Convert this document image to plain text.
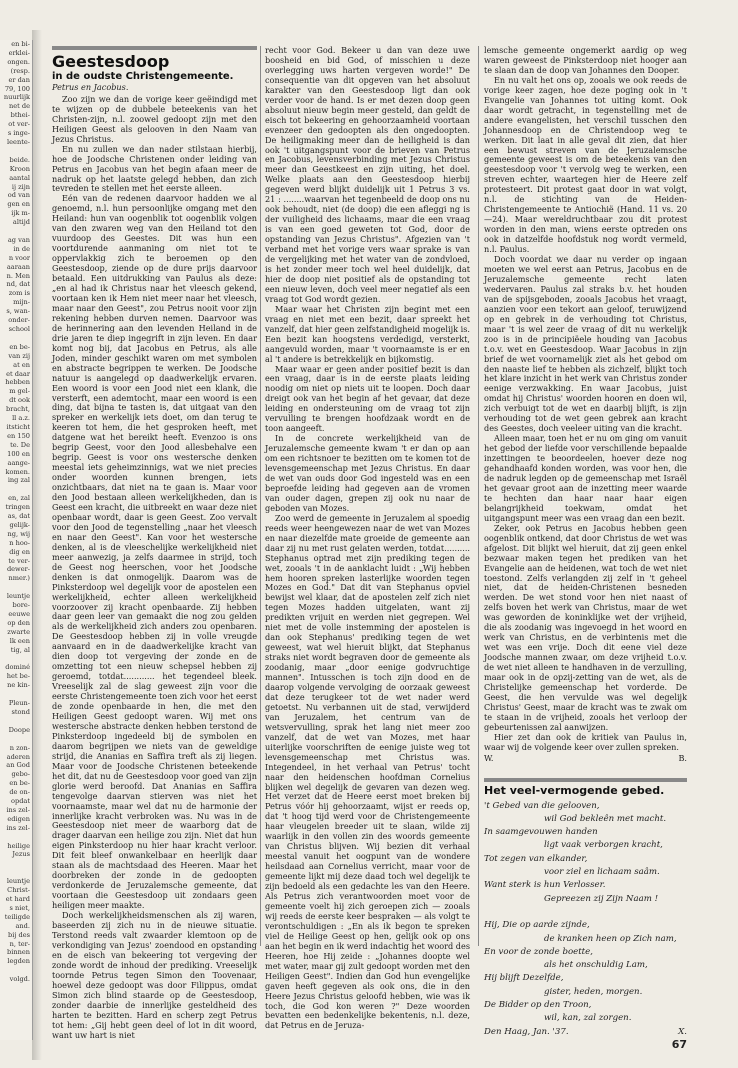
en bi-
erklei-
ongen.
(resp.
er dan
79, 100
nuurlijk
net de
bthei-
ot ver-
s inge-
leente-

beide.
Kroon
aantal
ij zijn
od van
gen en
ijk m-
altijd

ag van
in de
n voor
aaraan
n. Men
nd, dat
zom is
mijn-
s, wan-
onder-
school

en be-
van zij
at en
et daar
hebben
m gel-
dt ook
bracht,
ll a.z.
itsticht
en 150
te. De
100 en
aange-
komen.
ing zal

en, zal
tringen
as, dat
gelijk-
ng, wij
n hoo-
dig en
te ver-
dewer-
nmer.)

leuntje
bore-
eeuwe
op den
zwarte
lk een
tig, al

dominé
het be-
ne kin-

Pleun-
stond

Doope

n zon-
aderen
an God
gebo-
en be-
de on-
opdat
ins zel-
edigen
ins zel-

heilige
Jezus

leuntje
Christ-
et hard
s niet,
teiligde
and.
bij des
n, ter-
binnen
legden

volgd.
Geestesdoop
in de oudste Christengemeente.
Petrus en Jacobus.

Zoo zijn we dan de vorige keer geëindigd met te wijzen op de dubbele beteekenis van het Christen-zijn, n.l. zoowel gedoopt zijn met den Heiligen Geest als gelooven in den Naam van Jezus Christus.

En nu zullen we dan nader stilstaan hierbij, hoe de Joodsche Christenen onder leiding van Petrus en Jacobus van het begin afaan meer de nadruk op het laatste gelegd hebben, dan zich tevreden te stellen met het eerste alleen.

Eén van de redenen daarvoor hadden we al genoemd, n.l. hun persoonlijke omgang met den Heiland: hun van oogenblik tot oogenblik volgen van den zwaren weg van den Heiland tot den vuurdoop des Geestes. Dit was hun een voortdurende aanmaning om niet tot te oppervlakkig zich te beroemen op den Geestesdoop, ziende op de dure prijs daarvoor betaald. Een uitdrukking van Paulus als deze: „en al had ik Christus naar het vleesch gekend, voortaan ken ik Hem niet meer naar het vleesch, maar naar den Geest", zou Petrus nooit voor zijn rekening hebben durven nemen. Daarvoor was de herinnering aan den levenden Heiland in de drie jaren te diep ingegrift in zijn leven. En daar komt nog bij, dat Jacobus en Petrus, als alle Joden, minder geschikt waren om met symbolen en abstracte begrippen te werken. De Joodsche natuur is aangelegd op daadwerkelijk ervaren. Een woord is voor een Jood niet een klank, die versterft, een ademtocht, maar een woord is een ding, dat bijna te tasten is, dat uitgaat van den spreker en werkelijk iets doet, om dan terug te keeren tot hem, die het gesproken heeft, met datgene wat het bereikt heeft. Evenzoo is ons begrip Geest, voor den Jood allesbehalve een begrip. Geest is voor ons westersche denken meestal iets geheimzinnigs, wat we niet precies onder woorden kunnen brengen, iets onzichtbaars, dat niet na te gaan is. Maar voor den Jood bestaan alleen werkelijkheden, dan is Geest een kracht, die uitbreekt en waar deze niet openbaar wordt, daar is geen Geest. Zoo vervalt voor den Jood de tegenstelling „naar het vleesch en naar den Geest". Kan voor het westersche denken, al is de vleeschelijke werkelijkheid niet meer aanwezig, ja zelfs daarmee in strijd, toch de Geest nog heerschen, voor het Joodsche denken is dat onmogelijk. Daarom was de Pinksterdoop wel degelijk voor de apostelen een werkelijkheid, echter alleen werkelijkheid voorzoover zij kracht openbaarde. Zij hebben daar geen leer van gemaakt die nog zou gelden als de werkelijkheid zich anders zou openbaren. De Geestesdoop hebben zij in volle vreugde aanvaard en in de daadwerkelijke kracht van dien doop tot vergeving der zonde en de omzetting tot een nieuw schepsel hebben zij geroemd, totdat............ het tegendeel bleek. Vreeselijk zal de slag geweest zijn voor die eerste Christengemeente toen zich voor het eerst de zonde openbaarde in hen, die met den Heiligen Geest gedoopt waren. Wij met ons westersche abstracte denken hebben terstond de Pinksterdoop ingedeeld bij de symbolen en daarom begrijpen we niets van de geweldige strijd, die Ananias en Saffira treft als zij liegen. Maar voor de Joodsche Christenen beteekende het dit, dat nu de Geestesdoop voor goed van zijn glorie werd beroofd. Dat Ananias en Saffira tengevolge daarvan stierven was niet het voornaamste, maar wel dat nu de harmonie der innerlijke kracht verbroken was. Nu was in de Geestesdoop niet meer de waarborg dat de drager daarvan een heilige zou zijn. Niet dat hun eigen Pinksterdoop nu hier haar kracht verloor. Dit feit bleef onwankelbaar en heerlijk daar staan als de machtsdaad des Heeren. Maar het doorbreken der zonde in de gedoopten verdonkerde de Jeruzalemsche gemeente, dat voortaan die Geestesdoop uit zondaars geen heiligen meer maakte.

Doch werkelijkheidsmenschen als zij waren, baseerden zij zich nu in de nieuwe situatie. Terstond reeds valt zwaarder klemtoon op de verkondiging van Jezus' zoendood en opstanding en de eisch van bekeering tot vergeving der zonde wordt de inhoud der prediking. Vreeselijk toornde Petrus tegen Simon den Toovenaar, hoewel deze gedoopt was door Filippus, omdat Simon zich blind staarde op de Geestesdoop, zonder daarbie de innerlijke gesteldheid des harten te bezitten. Hard en scherp zegt Petrus tot hem: „Gij hebt geen deel of lot in dit woord, want uw hart is niet

recht voor God. Bekeer u dan van deze uwe boosheid en bid God, of misschien u deze overlegging uws harten vergeven worde!" De consequentie van dit opgeven van het absoluut karakter van den Geestesdoop ligt dan ook verder voor de hand. Is er met dezen doop geen absoluut nieuw begin meer gesteld, dan geldt de eisch tot bekeering en gehoorzaamheid voortaan evenzeer den gedoopten als den ongedoopten. De heiligmaking meer dan de heiligheid is dan ook 't uitgangspunt voor de brieven van Petrus en Jacobus, levensverbinding met Jezus Christus meer dan Geestkeest en zijn uiting, het doel. Welke plaats aan den Geestesdoop hierbij gegeven werd blijkt duidelijk uit 1 Petrus 3 vs. 21 : ........waarvan het tegenbeeld de doop ons nu ook behoudt, niet (de doop) die een afleggi ng is der vuiligheid des lichaams, maar die een vraag is van een goed geweten tot God, door de opstanding van Jezus Christus". Afgezien van 't verband met het vorige vers waar sprake is van de vergelijking met het water van de zondvloed, is het zonder meer toch wel heel duidelijk, dat hier de doop niet positief als de opstanding tot een nieuw leven, doch veel meer negatief als een vraag tot God wordt gezien.

Maar waar het Christen zijn begint met een vraag en niet met een bezit, daar spreekt het vanzelf, dat hier geen zelfstandigheid mogelijk is. Een bezit kan hoogstens verdedigd, versterkt, aangevuld worden, maar 't voornaamste is er en al 't andere is betrekkelijk en bijkomstig.

Maar waar er geen ander positief bezit is dan een vraag, daar is in de eerste plaats leiding noodig om niet op niets uit te loopen. Doch daar dreigt ook van het begin af het gevaar, dat deze leiding en ondersteuning om de vraag tot zijn vervulling te brengen hoofdzaak wordt en de toon aangeeft.

In de concrete werkelijkheid van de Jeruzalemsche gemeente kwam 't er dan op aan om een richtsnoer te bezitten om te komen tot de levensgemeenschap met Jezus Christus. En daar de wet van ouds door God ingesteld was en een beproefde leiding had gegeven aan de vromen van ouder dagen, grepen zij ook nu naar de geboden van Mozes.

Zoo werd de gemeente in Jeruzalem al spoedig reeds weer heengewezen naar de wet van Mozes en naar diezelfde mate groeide de gemeente aan daar zij nu met rust gelaten werden, totdat.......... Stephanus optrad met zijn prediking tegen de wet, zooals 't in de aanklacht luidt : „Wij hebben hem hooren spreken lasterlijke woorden tegen Mozes en God." Dat dit van Stephanus opviel bewijst wel klaar, dat de apostelen zelf zich niet tegen Mozes hadden uitgelaten, want zij predikten vrijuit en werden niet gegrepen. Wel niet met de volle instemming der apostelen is dan ook Stephanus' prediking tegen de wet geweest, wat wel hieruit blijkt, dat Stephanus straks niet wordt begraven door de gemeente als zoodanig, maar „door eenige godvruchtige mannen". Intusschen is toch zijn dood en de daarop volgende vervolging de oorzaak geweest dat deze terugkeer tot de wet nader werd getoetst. Nu verbannen uit de stad, verwijderd van Jeruzalem, het centrum van de wetsvervulling, sprak het lang niet meer zoo vanzelf, dat de wet van Mozes, met haar uiterlijke voorschriften de eenige juiste weg tot levensgemeenschap met Christus was. Integendeel, in het verhaal van Petrus' tocht naar den heidenschen hoofdman Cornelius blijken wel degelijk de gevaren van dezen weg. Het verzet dat de Heere eerst moet breken bij Petrus vóór hij gehoorzaamt, wijst er reeds op, dat 't hoog tijd werd voor de Christengemeente haar vleugelen breeder uit te slaan, wilde zij waarlijk in den vollen zin des woords gemeente van Christus blijven. Wij bezien dit verhaal meestal vanuit het oogpunt van de wondere heilsdaad aan Cornelius verricht, maar voor de gemeente lijkt mij deze daad toch wel degelijk te zijn bedoeld als een gedachte les van den Heere. Als Petrus zich verantwoorden moet voor de gemeente voelt hij zich geroepen zich — zooals wij reeds de eerste keer bespraken — als volgt te verontschuldigen : „En als ik begon te spreken viel de Heilige Geest op hen, gelijk ook op ons aan het begin en ik werd indachtig het woord des Heeren, hoe Hij zeide : „Johannes doopte wel met water, maar gij zult gedoopt worden met den Heiligen Geest". Indien dan God hun evengelijke gaven heeft gegeven als ook ons, die in den Heere Jezus Christus geloofd hebben, wie was ik toch, die God kon weren ?" Deze woorden bevatten een bedenkelijke bekentenis, n.l. deze, dat Petrus en de Jeruza-

lemsche gemeente ongemerkt aardig op weg waren geweest de Pinksterdoop niet hooger aan te slaan dan de doop van Johannes den Dooper.

En nu valt het ons op, zooals we ook reeds de vorige keer zagen, hoe deze poging ook in 't Evangelie van Johannes tot uiting komt. Ook daar wordt getracht, in tegenstelling met de andere evangelisten, het verschil tusschen den Johannesdoop en de Christendoop weg te werken. Dit laat in alle geval dit zien, dat hier een bewust streven van de Jeruzalemsche gemeente geweest is om de beteekenis van den geestesdoop voor 't vervolg weg te werken, een streven echter, waartegen hier de Heere zelf protesteert. Dit protest gaat door in wat volgt, n.l. de stichting van de Heiden-Christengemeente te Antiochië (Hand. 11 vs. 20—24). Maar wereldruchtbaar zou dit protest worden in den man, wiens eerste optreden ons ook in datzelfde hoofdstuk nog wordt vermeld, n.l. Paulus.

Doch voordat we daar nu verder op ingaan moeten we wel eerst aan Petrus, Jacobus en de Jeruzalemsche gemeente recht laten wedervaren. Paulus zal straks b.v. het houden van de spijsgeboden, zooals Jacobus het vraagt, aanzien voor een tekort aan geloof, teruwijzend op en gebrek in de verhouding tot Christus, maar 't is wel zeer de vraag of dit nu werkelijk zoo is in de principiëele houding van Jacobus t.o.v. wet en Geestesdoop. Waar Jacobus in zijn brief de wet voornamelijk ziet als het gebod om den naaste lief te hebben als zichzelf, blijkt toch het klare inzicht in het werk van Christus zonder eenige verzwakking. En waar Jacobus, juist omdat hij Christus' woorden hooren en doen wil, zich verbuigt tot de wet en daarbij blijft, is zijn verhouding tot de wet geen gebrek aan kracht des Geestes, doch veeleer uiting van die kracht.

Alleen maar, toen het er nu om ging om vanuit het gebod der liefde voor verschillende bepaalde inzettingen te beoordeelen, hoever deze nog gehandhaafd konden worden, was voor hen, die de nadruk legden op de gemeenschap met Israël het gevaar groot aan de inzetting meer waarde te hechten dan haar naar haar eigen belangrijkheid toekwam, omdat het uitgangspunt meer was een vraag dan een bezit.

Zeker, ook Petrus en Jacobus hebben geen oogenblik ontkend, dat door Christus de wet was afgelost. Dit blijkt wel hieruit, dat zij geen enkel bezwaar maken tegen het prediken van het Evangelie aan de heidenen, wat toch de wet niet toestond. Zelfs verlangden zij zelf in 't geheel niet, dat de heiden-Christenen besneden werden. De wet stond voor hen niet naast of zelfs boven het werk van Christus, maar de wet was geworden de koninklijke wet der vrijheid, die als zoodanig was ingevoegd in het woord en werk van Christus, en de verbintenis met die wet was een vrije. Doch dit eene viel deze Joodsche mannen zwaar, om deze vrijheid t.o.v. de wet niet alleen te handhaven in de verzulling, maar ook in de opzij-zetting van de wet, als de Christelijke gemeenschap het vorderde. De Geest, die hen vervulde was wel degelijk Christus' Geest, maar de kracht was te zwak om te staan in de vrijheid, zooals het verloop der gebeurtenissen zal aanwijzen.

Hier zet dan ook de kritiek van Paulus in, waar wij de volgende keer over zullen spreken.

W.	B.
Het veel-vermogende gebed.
't Gebed van die gelooven,
wil God bekleên met macht.
In saamgevouwen handen
ligt vaak verborgen kracht,
Tot zegen van elkander,
voor ziel en lichaam saâm.
Want sterk is hun Verlosser.
Gepreezen zij Zijn Naam !

Hij, Die op aarde zijnde,
de kranken heen op Zich nam,
En voor de zonde boette,
als het onschuldig Lam,
Hij blijft Dezelfde,
gister, heden, morgen.
De Bidder op den Troon,
wil, kan, zal zorgen.
Den Haag, Jan. '37.	X.
67
